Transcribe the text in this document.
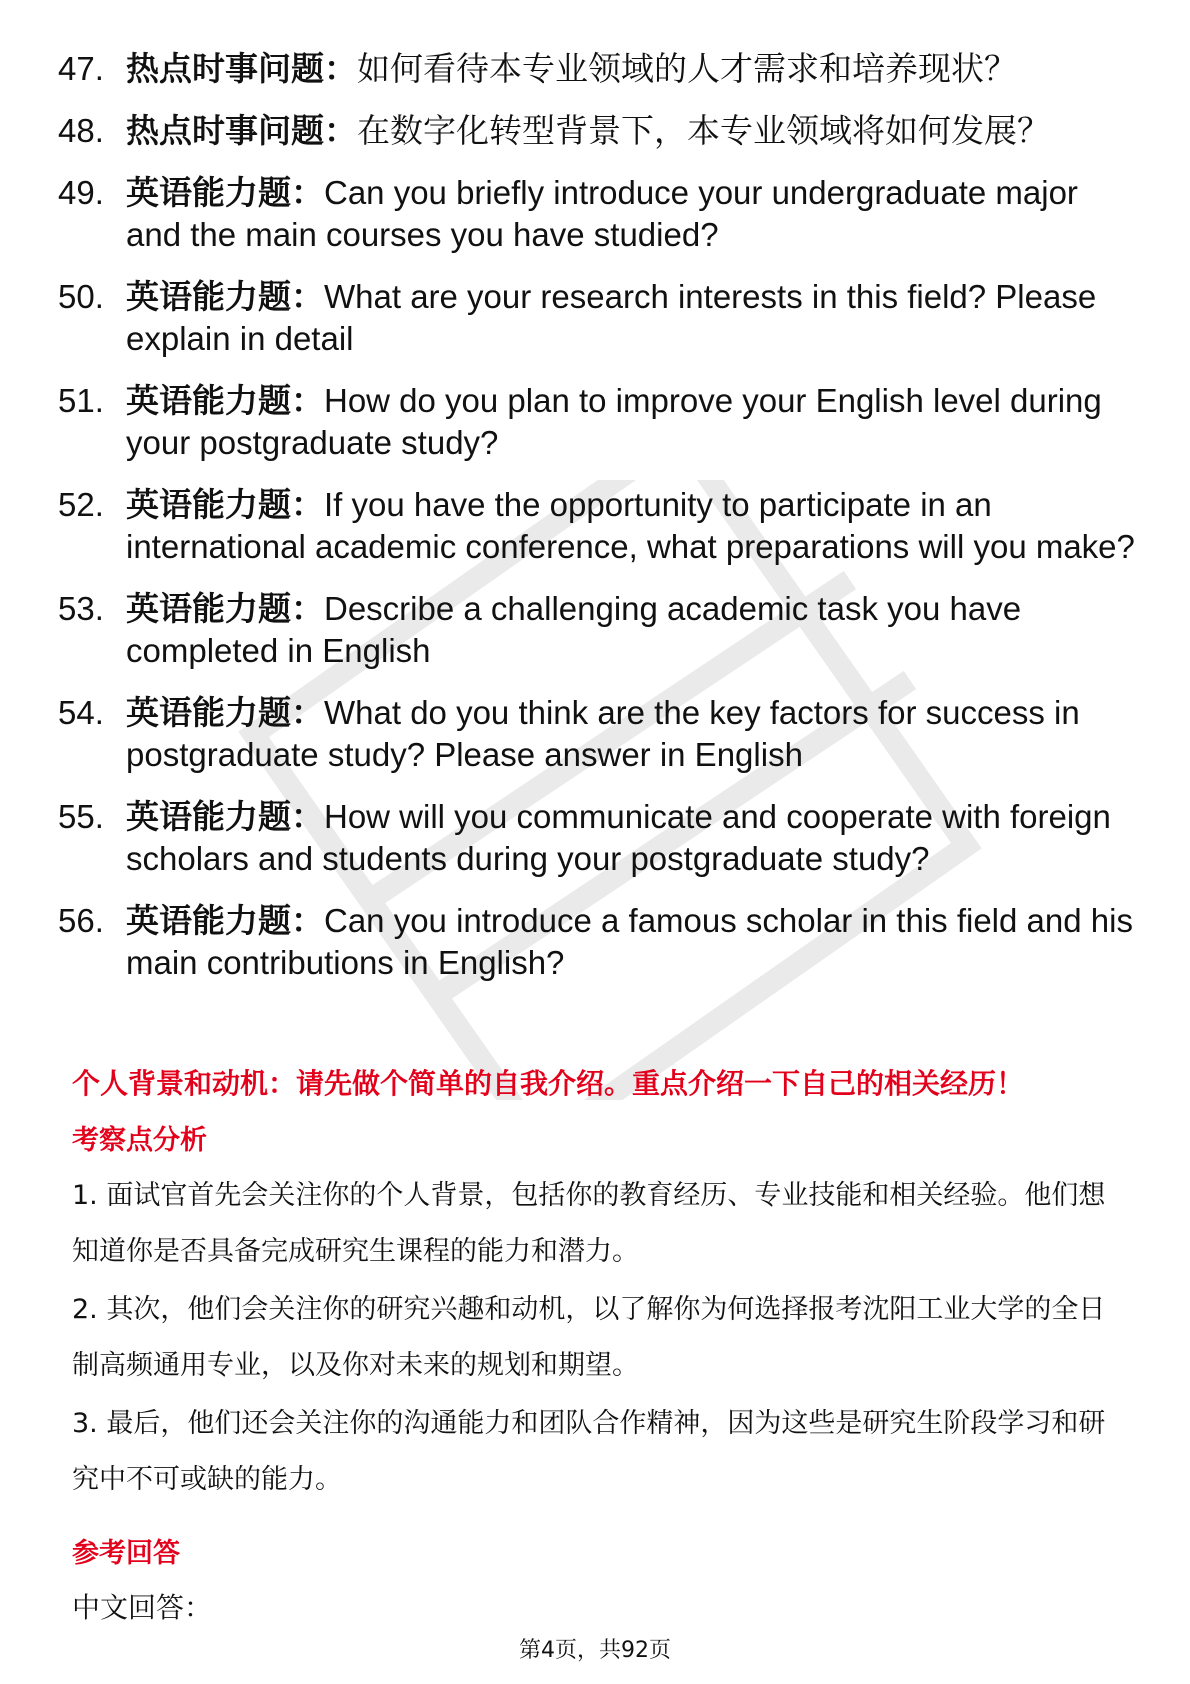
47. 热点时事问题：如何看待本专业领域的人才需求和培养现状？
48. 热点时事问题：在数字化转型背景下，本专业领域将如何发展？
49. 英语能力题：Can you briefly introduce your undergraduate major and the main courses you have studied?
50. 英语能力题：What are your research interests in this field? Please explain in detail
51. 英语能力题：How do you plan to improve your English level during your postgraduate study?
52. 英语能力题：If you have the opportunity to participate in an international academic conference, what preparations will you make?
53. 英语能力题：Describe a challenging academic task you have completed in English
54. 英语能力题：What do you think are the key factors for success in postgraduate study? Please answer in English
55. 英语能力题：How will you communicate and cooperate with foreign scholars and students during your postgraduate study?
56. 英语能力题：Can you introduce a famous scholar in this field and his main contributions in English?
个人背景和动机：请先做个简单的自我介绍。重点介绍一下自己的相关经历！
考察点分析
1. 面试官首先会关注你的个人背景，包括你的教育经历、专业技能和相关经验。他们想知道你是否具备完成研究生课程的能力和潜力。
2. 其次，他们会关注你的研究兴趣和动机，以了解你为何选择报考沈阳工业大学的全日制高频通用专业，以及你对未来的规划和期望。
3. 最后，他们还会关注你的沟通能力和团队合作精神，因为这些是研究生阶段学习和研究中不可或缺的能力。
参考回答
中文回答：
第4页，共92页
